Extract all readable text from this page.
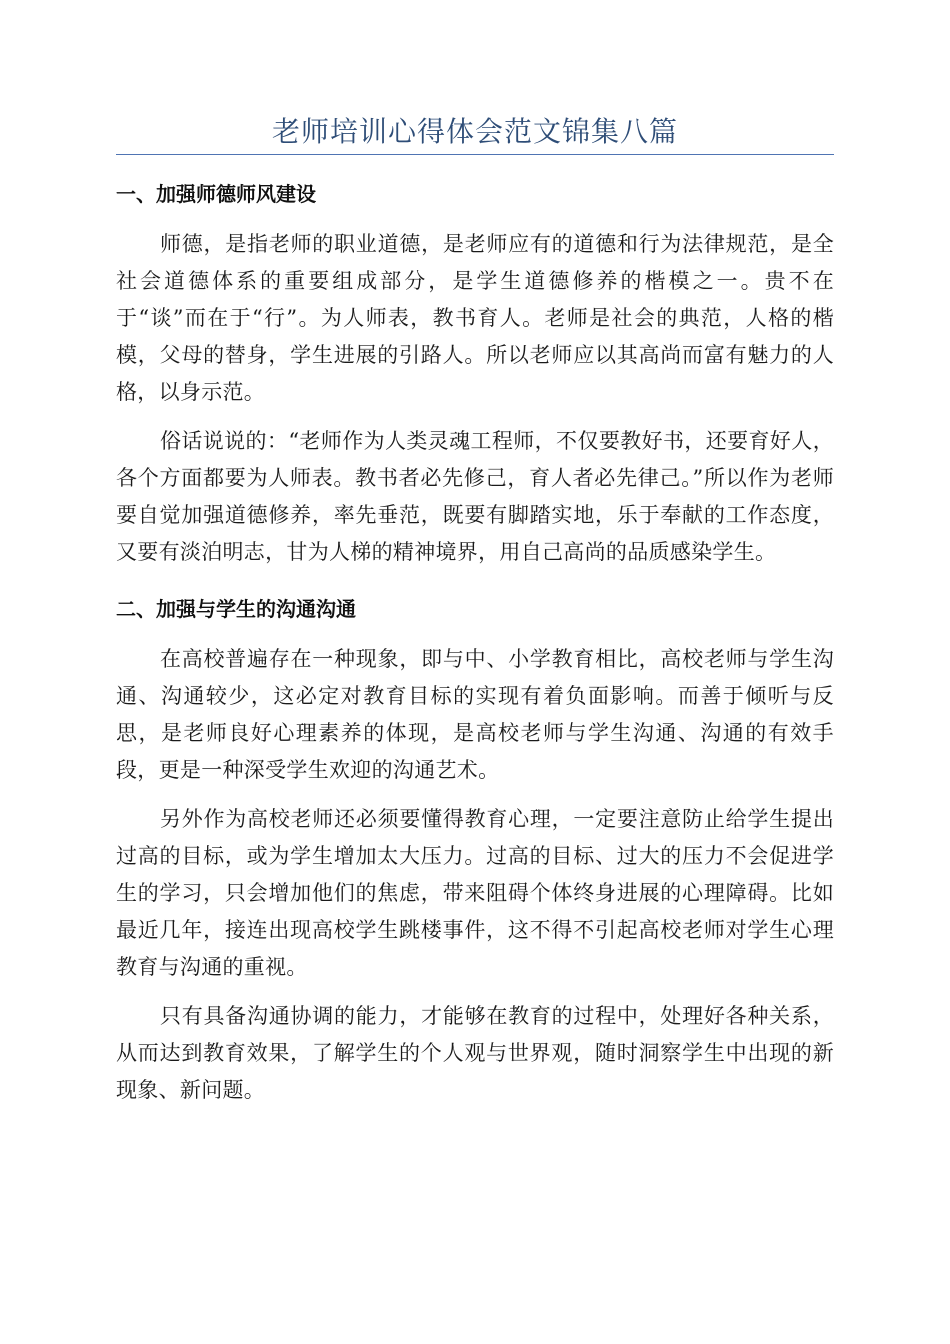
老师培训心得体会范文锦集八篇
一、加强师德师风建设

师德，是指老师的职业道德，是老师应有的道德和行为法律规范，是全社会道德体系的重要组成部分，是学生道德修养的楷模之一。贵不在于“谈”而在于“行”。为人师表，教书育人。老师是社会的典范，人格的楷模，父母的替身，学生进展的引路人。所以老师应以其高尚而富有魅力的人格，以身示范。

俗话说说的：“老师作为人类灵魂工程师，不仅要教好书，还要育好人，各个方面都要为人师表。教书者必先修己，育人者必先律己。”所以作为老师要自觉加强道德修养，率先垂范，既要有脚踏实地，乐于奉献的工作态度，又要有淡泊明志，甘为人梯的精神境界，用自己高尚的品质感染学生。

二、加强与学生的沟通沟通

在高校普遍存在一种现象，即与中、小学教育相比，高校老师与学生沟通、沟通较少，这必定对教育目标的实现有着负面影响。而善于倾听与反思，是老师良好心理素养的体现，是高校老师与学生沟通、沟通的有效手段，更是一种深受学生欢迎的沟通艺术。

另外作为高校老师还必须要懂得教育心理，一定要注意防止给学生提出过高的目标，或为学生增加太大压力。过高的目标、过大的压力不会促进学生的学习，只会增加他们的焦虑，带来阻碍个体终身进展的心理障碍。比如最近几年，接连出现高校学生跳楼事件，这不得不引起高校老师对学生心理教育与沟通的重视。

只有具备沟通协调的能力，才能够在教育的过程中，处理好各种关系，从而达到教育效果，了解学生的个人观与世界观，随时洞察学生中出现的新现象、新问题。
